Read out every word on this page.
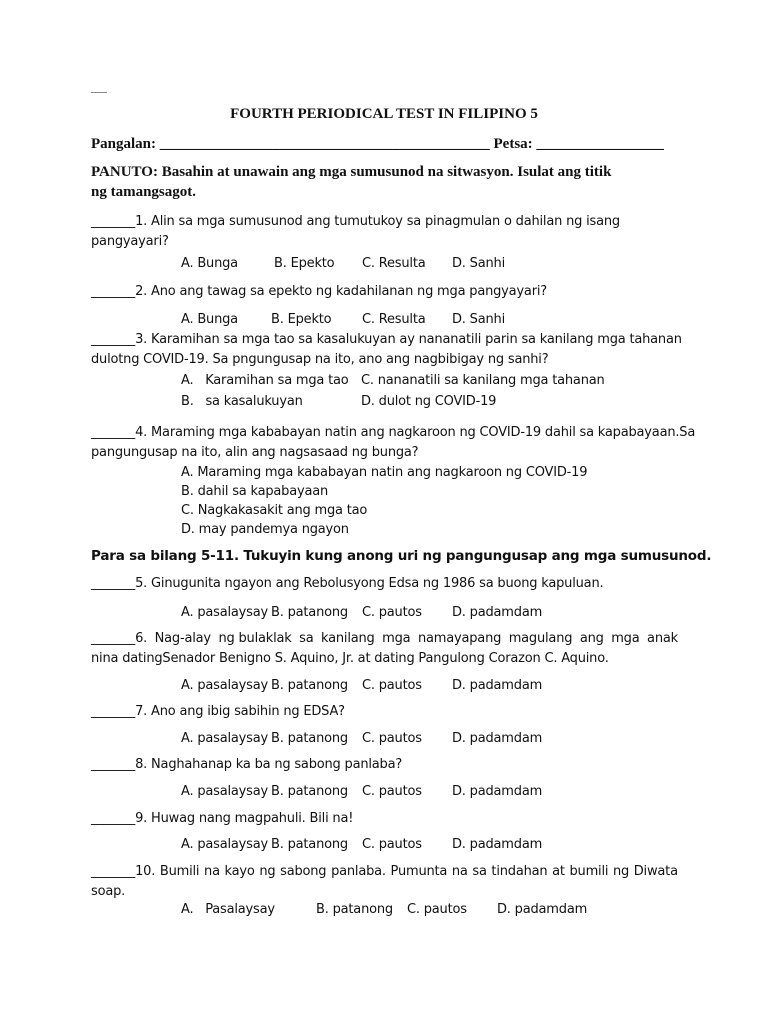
FOURTH PERIODICAL TEST IN FILIPINO 5
Pangalan: ____________________________________________ Petsa: _________________
PANUTO: Basahin at unawain ang mga sumusunod na sitwasyon. Isulat ang titik
ng tamangsagot.
_______1. Alin sa mga sumusunod ang tumutukoy sa pinagmulan o dahilan ng isang
pangyayari?
A. Bunga	B. Epekto C. Resulta D. Sanhi
_______2. Ano ang tawag sa epekto ng kadahilanan ng mga pangyayari?
A. Bunga	B. Epekto C. Resulta D. Sanhi
_______3. Karamihan sa mga tao sa kasalukuyan ay nananatili parin sa kanilang mga tahanan
dulotng COVID-19. Sa pngungusap na ito, ano ang nagbibigay ng sanhi?
A.   Karamihan sa mga tao C. nananatili sa kanilang mga tahanan
B.   sa kasalukuyan	D. dulot ng COVID-19
_______4. Maraming mga kababayan natin ang nagkaroon ng COVID-19 dahil sa kapabayaan.Sa
pangungusap na ito, alin ang nagsasaad ng bunga?
A. Maraming mga kababayan natin ang nagkaroon ng COVID-19
B. dahil sa kapabayaan
C. Nagkakasakit ang mga tao
D. may pandemya ngayon
Para sa bilang 5-11. Tukuyin kung anong uri ng pangungusap ang mga sumusunod.
_______5. Ginugunita ngayon ang Rebolusyong Edsa ng 1986 sa buong kapuluan.
A. pasalaysay B. patanong C. pautos D. padamdam
_______6. Nag-alay ng bulaklak sa kanilang mga namayapang magulang ang mga anak
nina datingSenador Benigno S. Aquino, Jr. at dating Pangulong Corazon C. Aquino.
A. pasalaysay B. patanong C. pautos D. padamdam
_______7. Ano ang ibig sabihin ng EDSA?
A. pasalaysay B. patanong C. pautos D. padamdam
_______8. Naghahanap ka ba ng sabong panlaba?
A. pasalaysay B. patanong C. pautos D. padamdam
_______9. Huwag nang magpahuli. Bili na!
A. pasalaysay B. patanong C. pautos D. padamdam
_______10. Bumili na kayo ng sabong panlaba. Pumunta na sa tindahan at bumili ng Diwata
soap.
A.   Pasalaysay	B. patanong C. pautos D. padamdam
